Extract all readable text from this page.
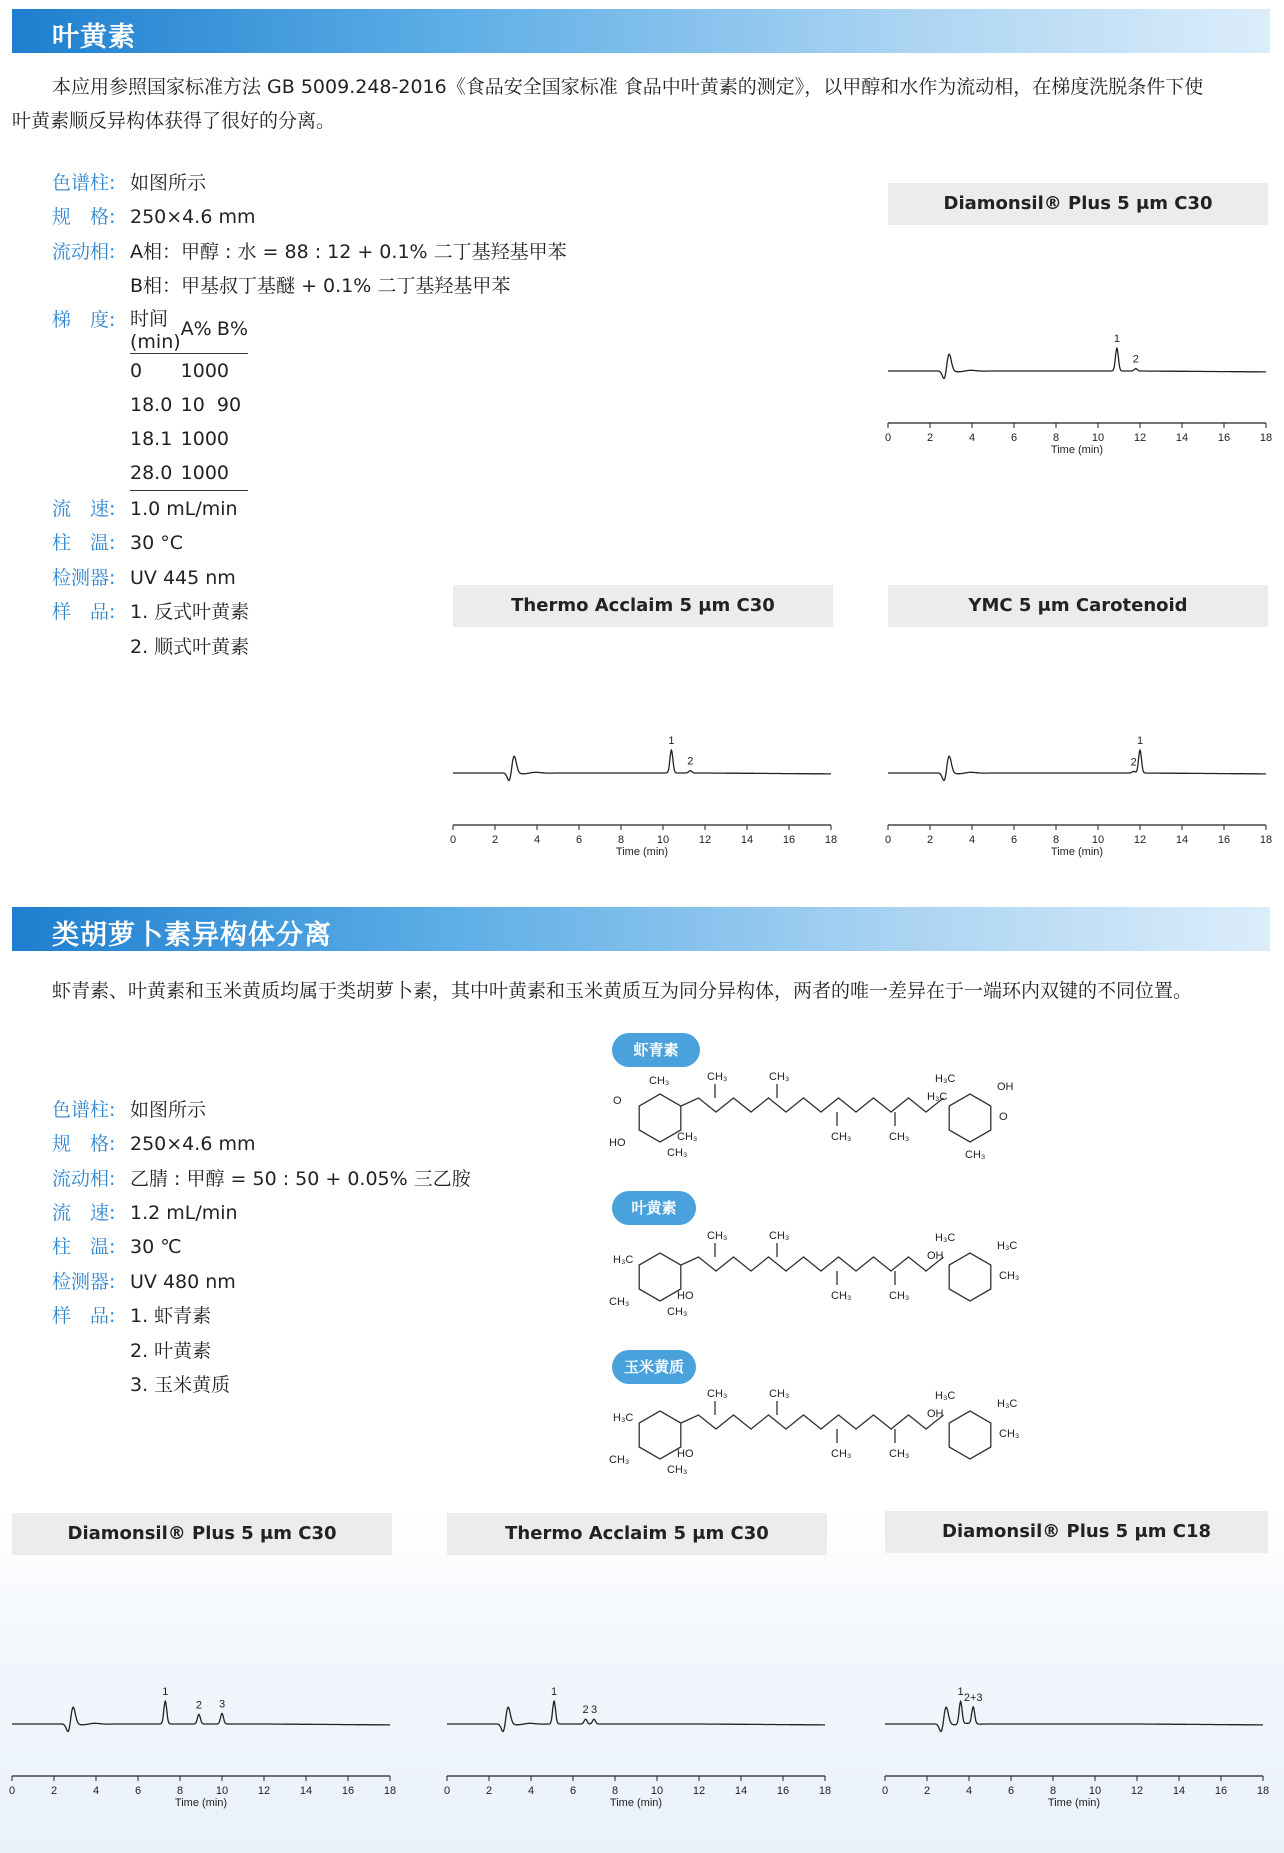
叶黄素
本应用参照国家标准方法 GB 5009.248-2016《食品安全国家标准 食品中叶黄素的测定》，以甲醇和水作为流动相，在梯度洗脱条件下使
叶黄素顺反异构体获得了很好的分离。
色谱柱: 如图所示
规　格: 250×4.6 mm
流动相: A相：甲醇 : 水 = 88 : 12 + 0.1% 二丁基羟基甲苯
B相：甲基叔丁基醚 + 0.1% 二丁基羟基甲苯
梯　度: 时间(min)	A%	B%
0	100	0
18.0	10	90
18.1	100	0
28.0	100	0
流　速: 1.0 mL/min
柱　温: 30 °C
检测器: UV 445 nm
样　品: 1. 反式叶黄素
2. 顺式叶黄素
Diamonsil® Plus 5 μm C30
1
2
0	2	4	6	8	10	12	14	16	18
Time (min)
Thermo Acclaim 5 μm C30
1
2
0	2	4	6	8	10	12	14	16	18
Time (min)
YMC 5 μm Carotenoid
1
2
0	2	4	6	8	10	12	14	16	18
Time (min)
类胡萝卜素异构体分离
虾青素、叶黄素和玉米黄质均属于类胡萝卜素，其中叶黄素和玉米黄质互为同分异构体，两者的唯一差异在于一端环内双键的不同位置。
色谱柱: 如图所示
规　格: 250×4.6 mm
流动相: 乙腈 : 甲醇 = 50 : 50 + 0.05% 三乙胺
流　速: 1.2 mL/min
柱　温: 30 ℃
检测器: UV 480 nm
样　品: 1. 虾青素
2. 叶黄素
3. 玉米黄质
虾青素
O
HO	CH₃
CH₃
CH₃	CH₃	CH₃
CH₃	CH₃
H₃C
H₃C
OH
O
CH₃
叶黄素
H₃C
CH₃	HO
CH₃
CH₃	CH₃
CH₃	CH₃
H₃C
OH
H₃C
CH₃
玉米黄质
H₃C
CH₃	HO
CH₃
CH₃	CH₃
CH₃	CH₃
H₃C
OH
H₃C
CH₃
Diamonsil® Plus 5 μm C30
1
2 3
0	2	4	6	8	10	12	14	16	18
Time (min)
Thermo Acclaim 5 μm C30
1
2 3
0	2	4	6	8	10	12	14	16	18
Time (min)
Diamonsil® Plus 5 μm C18
1 2+3
0	2	4	6	8	10	12	14	16	18
Time (min)
